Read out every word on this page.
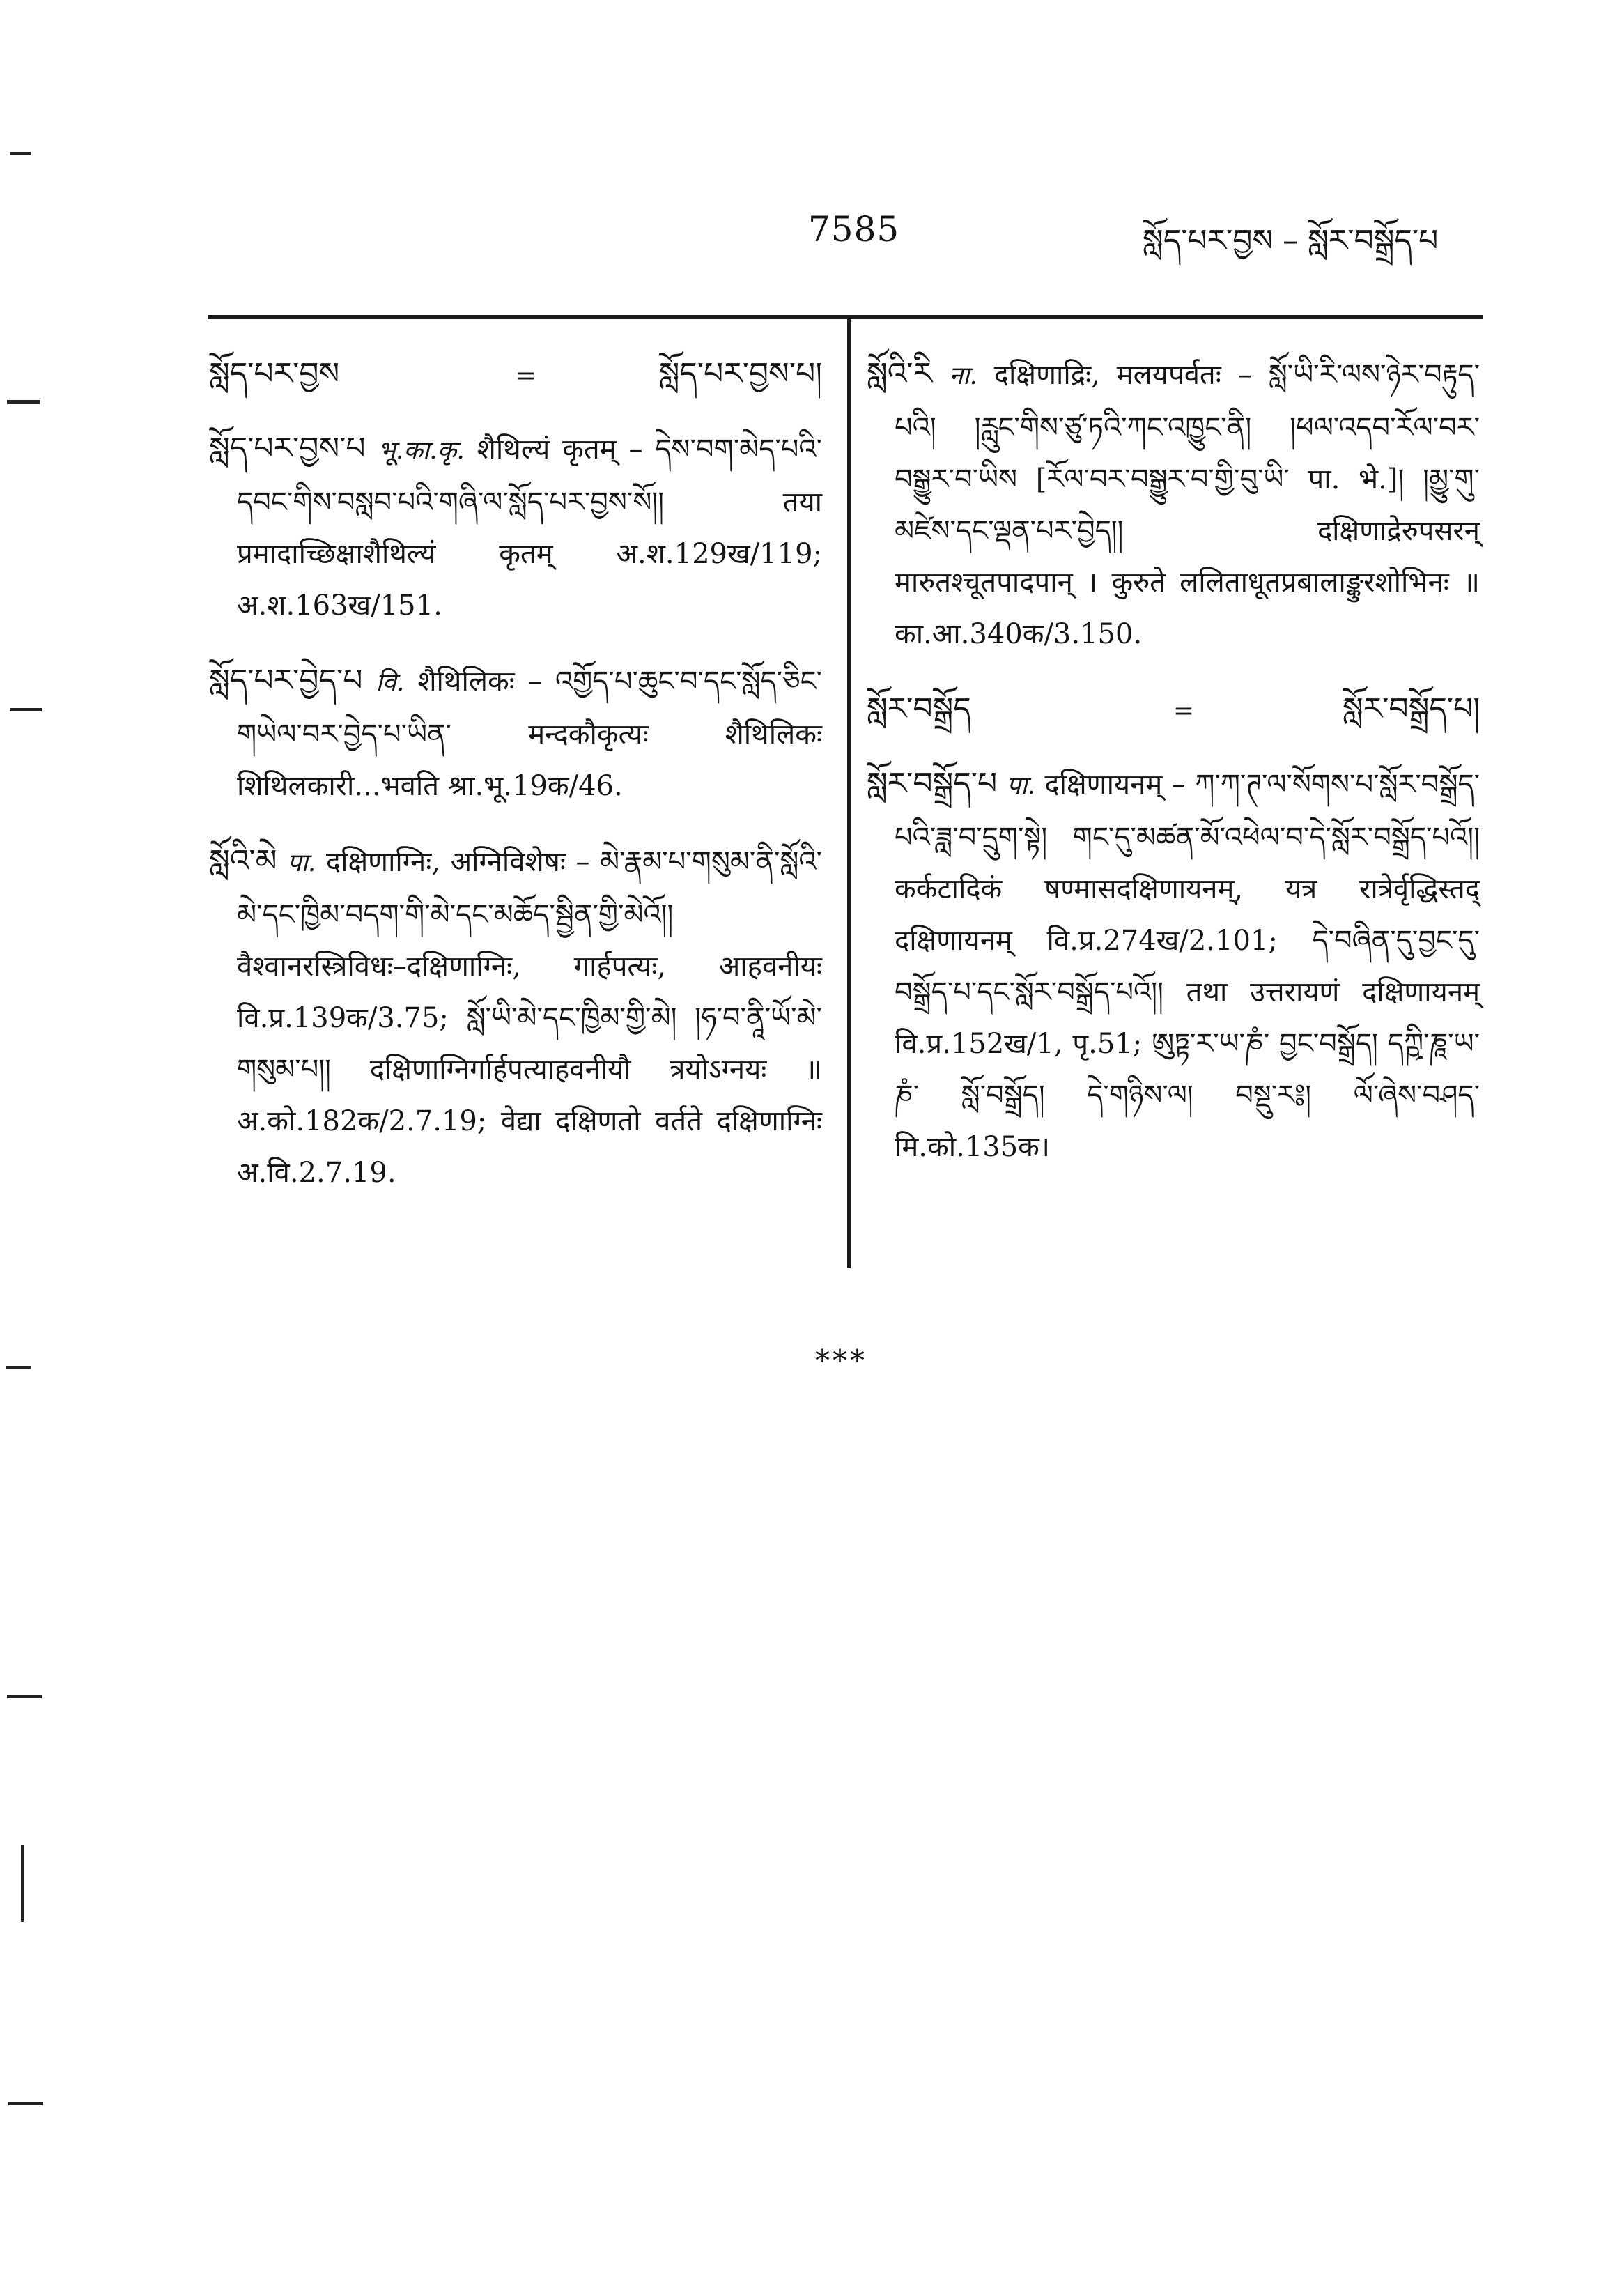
7585	སློད་པར་བྱས – སློར་བསྒྲོད་པ
སློད་པར་བྱས	=	སློད་པར་བྱས་པ།
སློད་པར་བྱས་པ भू.का.कृ. शैथिल्यं कृतम् – དེས་བག་མེད་པའི་དབང་གིས་བསླབ་པའི་གཞི་ལ་སློད་པར་བྱས་སོ།། तया प्रमादाच्छिक्षाशैथिल्यं कृतम् अ.श.129ख/119; अ.श.163ख/151.
སློད་པར་བྱེད་པ वि. शैथिलिकः – འགྱོད་པ་ཆུང་བ་དང་སློད་ཅིང་གཡེལ་བར་བྱེད་པ་ཡིན་ मन्दकौकृत्यः शैथिलिकः शिथिलकारी...भवति श्रा.भू.19क/46.
སློའི་མེ पा. दक्षिणाग्निः, अग्निविशेषः – མེ་རྣམ་པ་གསུམ་ནི་སློའི་མེ་དང་ཁྱིམ་བདག་གི་མེ་དང་མཆོད་སྦྱིན་གྱི་མེའོ།། वैश्वानरस्त्रिविधः–दक्षिणाग्निः, गार्हपत्यः, आहवनीयः वि.प्र.139क/3.75; སློ་ཡི་མེ་དང་ཁྱིམ་གྱི་མེ། །ཧ་བ་ནཱི་ཡོ་མེ་གསུམ་པ།། दक्षिणाग्निर्गार्हपत्याहवनीयौ त्रयोऽग्नयः ॥ अ.को.182क/2.7.19; वेद्या दक्षिणतो वर्तते दक्षिणाग्निः अ.वि.2.7.19.
སློའི་རི ना. दक्षिणाद्रिः, मलयपर्वतः – སློ་ཡི་རི་ལས་ཉེར་བརྟུད་པའི། །རླུང་གིས་ཙུ་ཏའི་ཀང་འཁྱུང་ནི། །ཕལ་འདབ་རོལ་བར་བསྒྱུར་བ་ཡིས [རོལ་བར་བསྒྱུར་བ་གྱི་བུ་ཡི་ पा. भे.]། །མྱུ་གུ་མཛེས་དང་ལྡན་པར་བྱེད།། दक्षिणाद्रेरुपसरन् मारुतश्चूतपादपान् । कुरुते ललिताधूतप्रबालाङ्कुरशोभिनः ॥ का.आ.340क/3.150.
སློར་བསྒྲོད	=	སློར་བསྒྲོད་པ།
སློར་བསྒྲོད་པ पा. दक्षिणायनम् – ཀ་ཀ་ཊ་ལ་སོགས་པ་སློར་བསྒྲོད་པའི་ཟླ་བ་དྲུག་སྟེ། གང་དུ་མཚན་མོ་འཕེལ་བ་དེ་སློར་བསྒྲོད་པའོ།། कर्कटादिकं षण्मासदक्षिणायनम्, यत्र रात्रेर्वृद्धिस्तद् दक्षिणायनम् वि.प्र.274ख/2.101; དེ་བཞིན་དུ་བྱང་དུ་བསྒྲོད་པ་དང་སློར་བསྒྲོད་པའོ།། तथा उत्तरायणं दक्षिणायनम् वि.प्र.152ख/1, पृ.51; ཨུཏྟ་ར་ཡ་ཎཾ་ བྱང་བསྒྲོད། དཀྵི་ཎཱ་ཡ་ཎཾ་ སློ་བསྒྲོད། དེ་གཉིས་ལ། བསྡུ་ར༔། ལོ་ཞེས་བཤད་ मि.को.135क।
***
